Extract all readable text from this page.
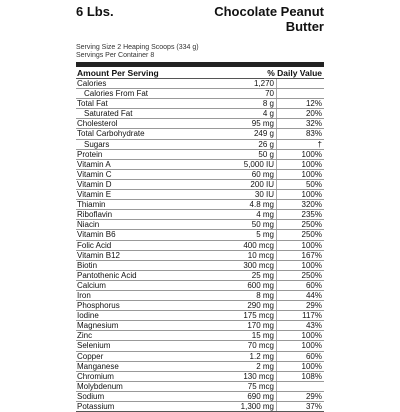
6 Lbs.	Chocolate Peanut
Butter
Serving Size 2 Heaping Scoops (334 g)
Servings Per Container 8
Amount Per Serving	% Daily Value
Calories	1,270
Calories From Fat	70
Total Fat	8 g	12%
Saturated Fat	4 g	20%
Cholesterol	95 mg	32%
Total Carbohydrate	249 g	83%
Sugars	26 g	†
Protein	50 g	100%
Vitamin A	5,000 IU	100%
Vitamin C	60 mg	100%
Vitamin D	200 IU	50%
Vitamin E	30 IU	100%
Thiamin	4.8 mg	320%
Riboflavin	4 mg	235%
Niacin	50 mg	250%
Vitamin B6	5 mg	250%
Folic Acid	400 mcg	100%
Vitamin B12	10 mcg	167%
Biotin	300 mcg	100%
Pantothenic Acid	25 mg	250%
Calcium	600 mg	60%
Iron	8 mg	44%
Phosphorus	290 mg	29%
Iodine	175 mcg	117%
Magnesium	170 mg	43%
Zinc	15 mg	100%
Selenium	70 mcg	100%
Copper	1.2 mg	60%
Manganese	2 mg	100%
Chromium	130 mcg	108%
Molybdenum	75 mcg
Sodium	690 mg	29%
Potassium	1,300 mg	37%
